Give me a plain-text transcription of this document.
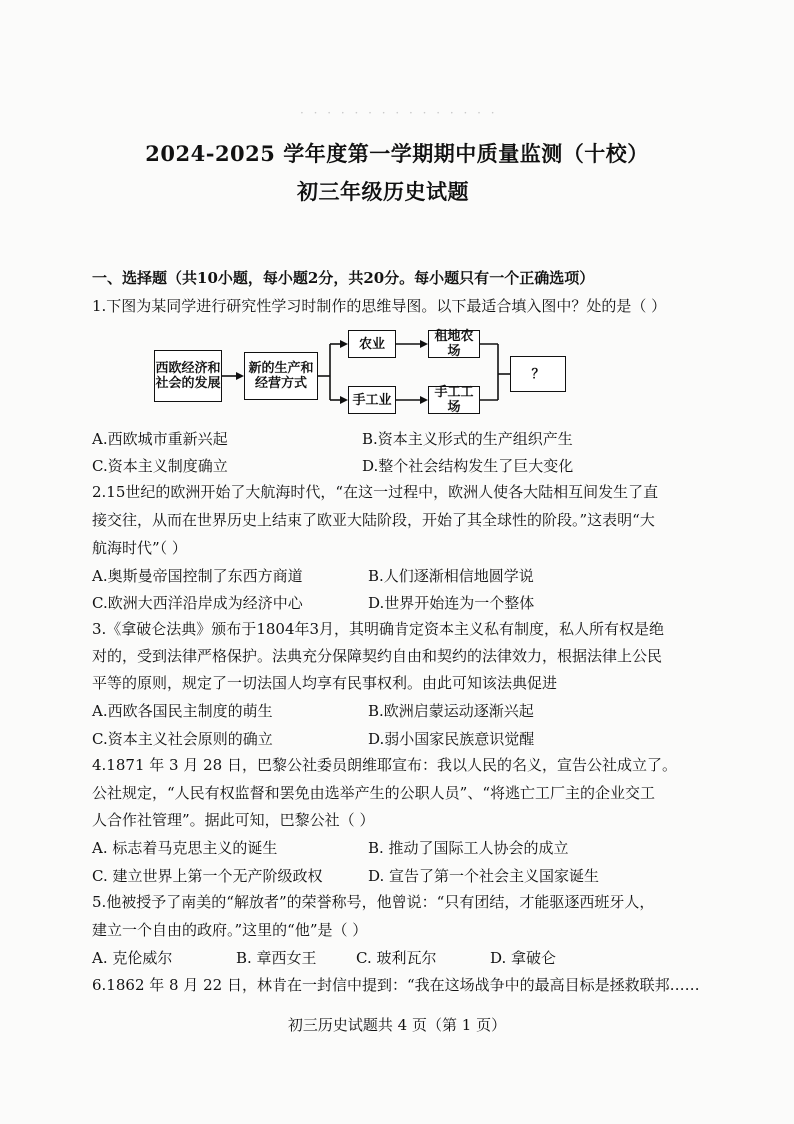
· · · · · · · · · · · · · · ·
2024-2025 学年度第一学期期中质量监测（十校）
初三年级历史试题
一、选择题（共10小题，每小题2分，共20分。每小题只有一个正确选项）
1.下图为某同学进行研究性学习时制作的思维导图。以下最适合填入图中？处的是（ ）
西欧经济和社会的发展
新的生产和经营方式
农业	租地农场
手工业	手工工场
？
A.西欧城市重新兴起	B.资本主义形式的生产组织产生
C.资本主义制度确立	D.整个社会结构发生了巨大变化
2.15世纪的欧洲开始了大航海时代，“在这一过程中，欧洲人使各大陆相互间发生了直
接交往，从而在世界历史上结束了欧亚大陆阶段，开始了其全球性的阶段。”这表明“大
航海时代”（ ）
A.奥斯曼帝国控制了东西方商道	B.人们逐渐相信地圆学说
C.欧洲大西洋沿岸成为经济中心	D.世界开始连为一个整体
3.《拿破仑法典》颁布于1804年3月，其明确肯定资本主义私有制度，私人所有权是绝
对的，受到法律严格保护。法典充分保障契约自由和契约的法律效力，根据法律上公民
平等的原则，规定了一切法国人均享有民事权利。由此可知该法典促进
A.西欧各国民主制度的萌生	B.欧洲启蒙运动逐渐兴起
C.资本主义社会原则的确立	D.弱小国家民族意识觉醒
4.1871 年 3 月 28 日，巴黎公社委员朗维耶宣布：我以人民的名义，宣告公社成立了。
公社规定，“人民有权监督和罢免由选举产生的公职人员”、“将逃亡工厂主的企业交工
人合作社管理”。据此可知，巴黎公社（ ）
A. 标志着马克思主义的诞生	B. 推动了国际工人协会的成立
C. 建立世界上第一个无产阶级政权	D. 宣告了第一个社会主义国家诞生
5.他被授予了南美的“解放者”的荣誉称号，他曾说：“只有团结，才能驱逐西班牙人，
建立一个自由的政府。”这里的“他”是（ ）
A. 克伦威尔	B. 章西女王	C. 玻利瓦尔	D. 拿破仑
6.1862 年 8 月 22 日，林肯在一封信中提到：“我在这场战争中的最高目标是拯救联邦……
初三历史试题共 4 页（第 1 页）
